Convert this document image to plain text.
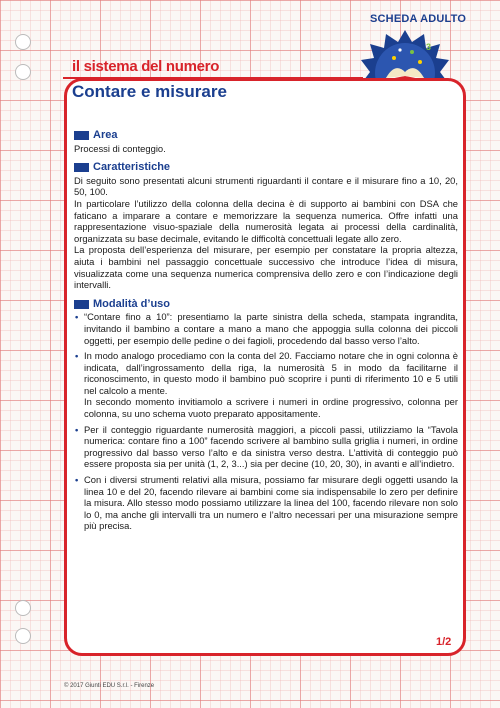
SCHEDA ADULTO
3
il sistema del numero
Contare e misurare
Area

Processi di conteggio.

Caratteristiche

Di seguito sono presentati alcuni strumenti riguardanti il contare e il misurare fino a 10, 20, 50, 100.

In particolare l’utilizzo della colonna della decina è di supporto ai bambini con DSA che faticano a imparare a contare e memorizzare la sequenza numerica. Offre infatti una rappresentazione visuo-spaziale della numerosità legata ai processi della cardinalità, organizzata su base decimale, evitando le difficoltà concettuali legate allo zero.

La proposta dell’esperienza del misurare, per esempio per constatare la propria altezza, aiuta i bambini nel passaggio concettuale successivo che introduce l’idea di misura, visualizzata come una sequenza numerica comprensiva dello zero e con l’indicazione degli intervalli.

Modalità d’uso
• “Contare fino a 10”: presentiamo la parte sinistra della scheda, stampata ingrandita, invitando il bambino a contare a mano a mano che appoggia sulla colonna dei piccoli oggetti, per esempio delle pedine o dei fagioli, procedendo dal basso verso l’alto.
• In modo analogo procediamo con la conta del 20. Facciamo notare che in ogni colonna è indicata, dall’ingrossamento della riga, la numerosità 5 in modo da facilitarne il riconoscimento, in questo modo il bambino può scoprire i punti di riferimento 10 e 5 utili nel calcolo a mente.
In secondo momento invitiamolo a scrivere i numeri in ordine progressivo, colonna per colonna, su uno schema vuoto preparato appositamente.
• Per il conteggio riguardante numerosità maggiori, a piccoli passi, utilizziamo la “Tavola numerica: contare fino a 100” facendo scrivere al bambino sulla griglia i numeri, in ordine progressivo dal basso verso l’alto e da sinistra verso destra. L’attività di conteggio può essere proposta sia per unità (1, 2, 3...) sia per decine (10, 20, 30), in avanti e all’indietro.
• Con i diversi strumenti relativi alla misura, possiamo far misurare degli oggetti usando la linea 10 e del 20, facendo rilevare ai bambini come sia indispensabile lo zero per definire la misura. Allo stesso modo possiamo utilizzare la linea del 100, facendo rilevare non solo lo 0, ma anche gli intervalli tra un numero e l’altro necessari per una misurazione sempre più precisa.
1/2
© 2017 Giunti EDU S.r.l. - Firenze
